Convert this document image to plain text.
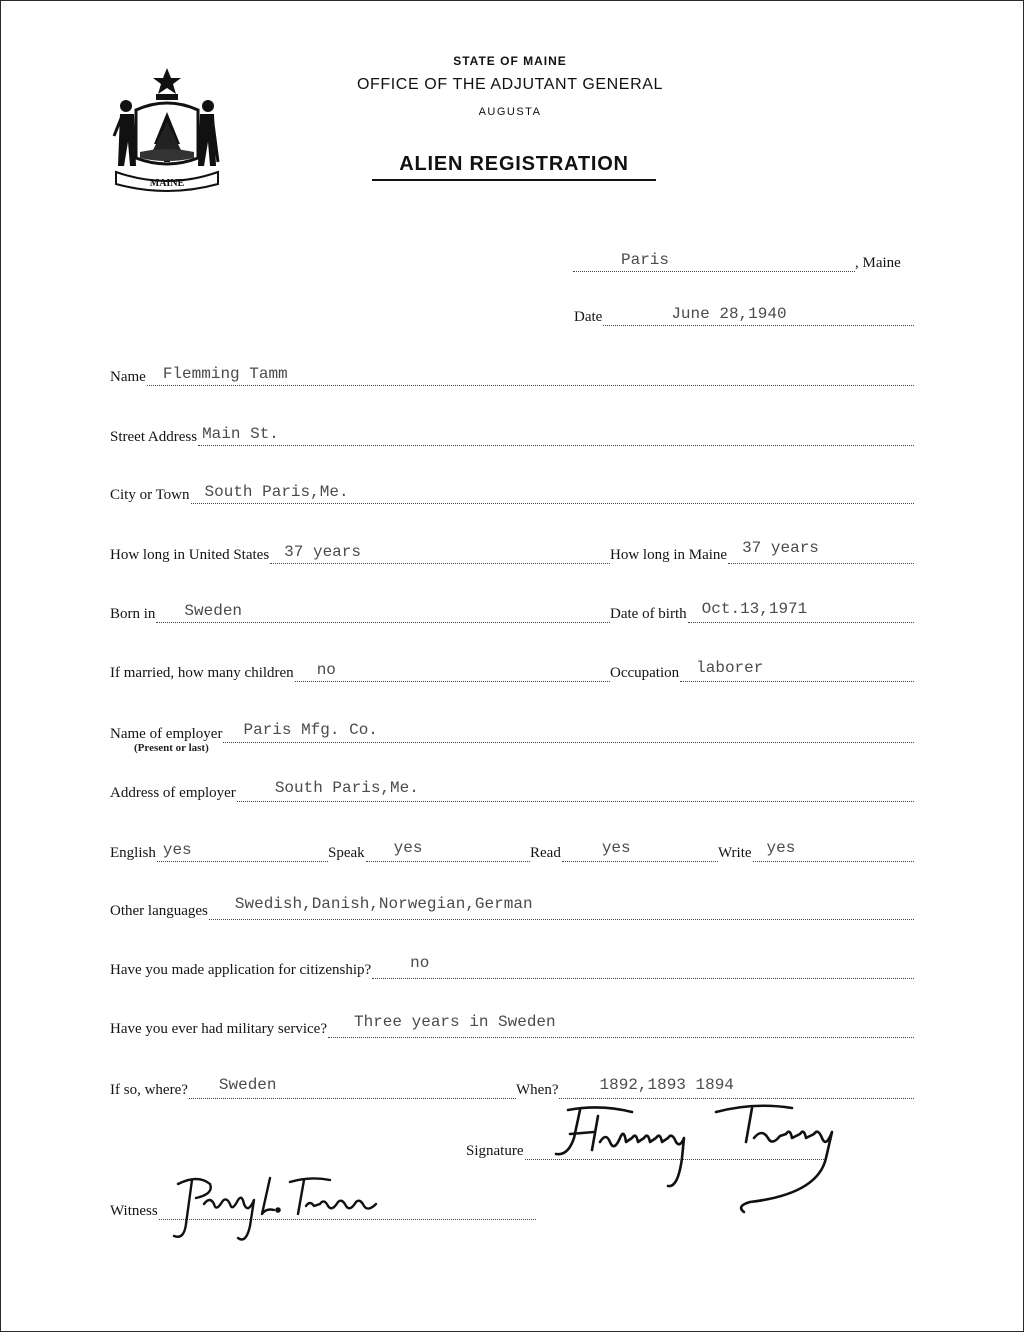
MAINE
STATE OF MAINE
OFFICE OF THE ADJUTANT GENERAL
AUGUSTA
ALIEN REGISTRATION
Paris	, Maine
Date	June 28,1940
Name Flemming Tamm
Street Address Main St.
City or Town South Paris,Me.
How long in United States 37 years	How long in Maine 37 years
Born in Sweden	Date of birth Oct.13,1971
If married, how many children no	Occupation laborer
Name of employer Paris Mfg. Co.
(Present or last)
Address of employer South Paris,Me.
English yes	Speak yes	Read	yes	Write yes
Other languages Swedish,Danish,Norwegian,German
Have you made application for citizenship? no
Have you ever had military service? Three years in Sweden
If so, where? Sweden	When?	1892,1893 1894
Signature
Witness
